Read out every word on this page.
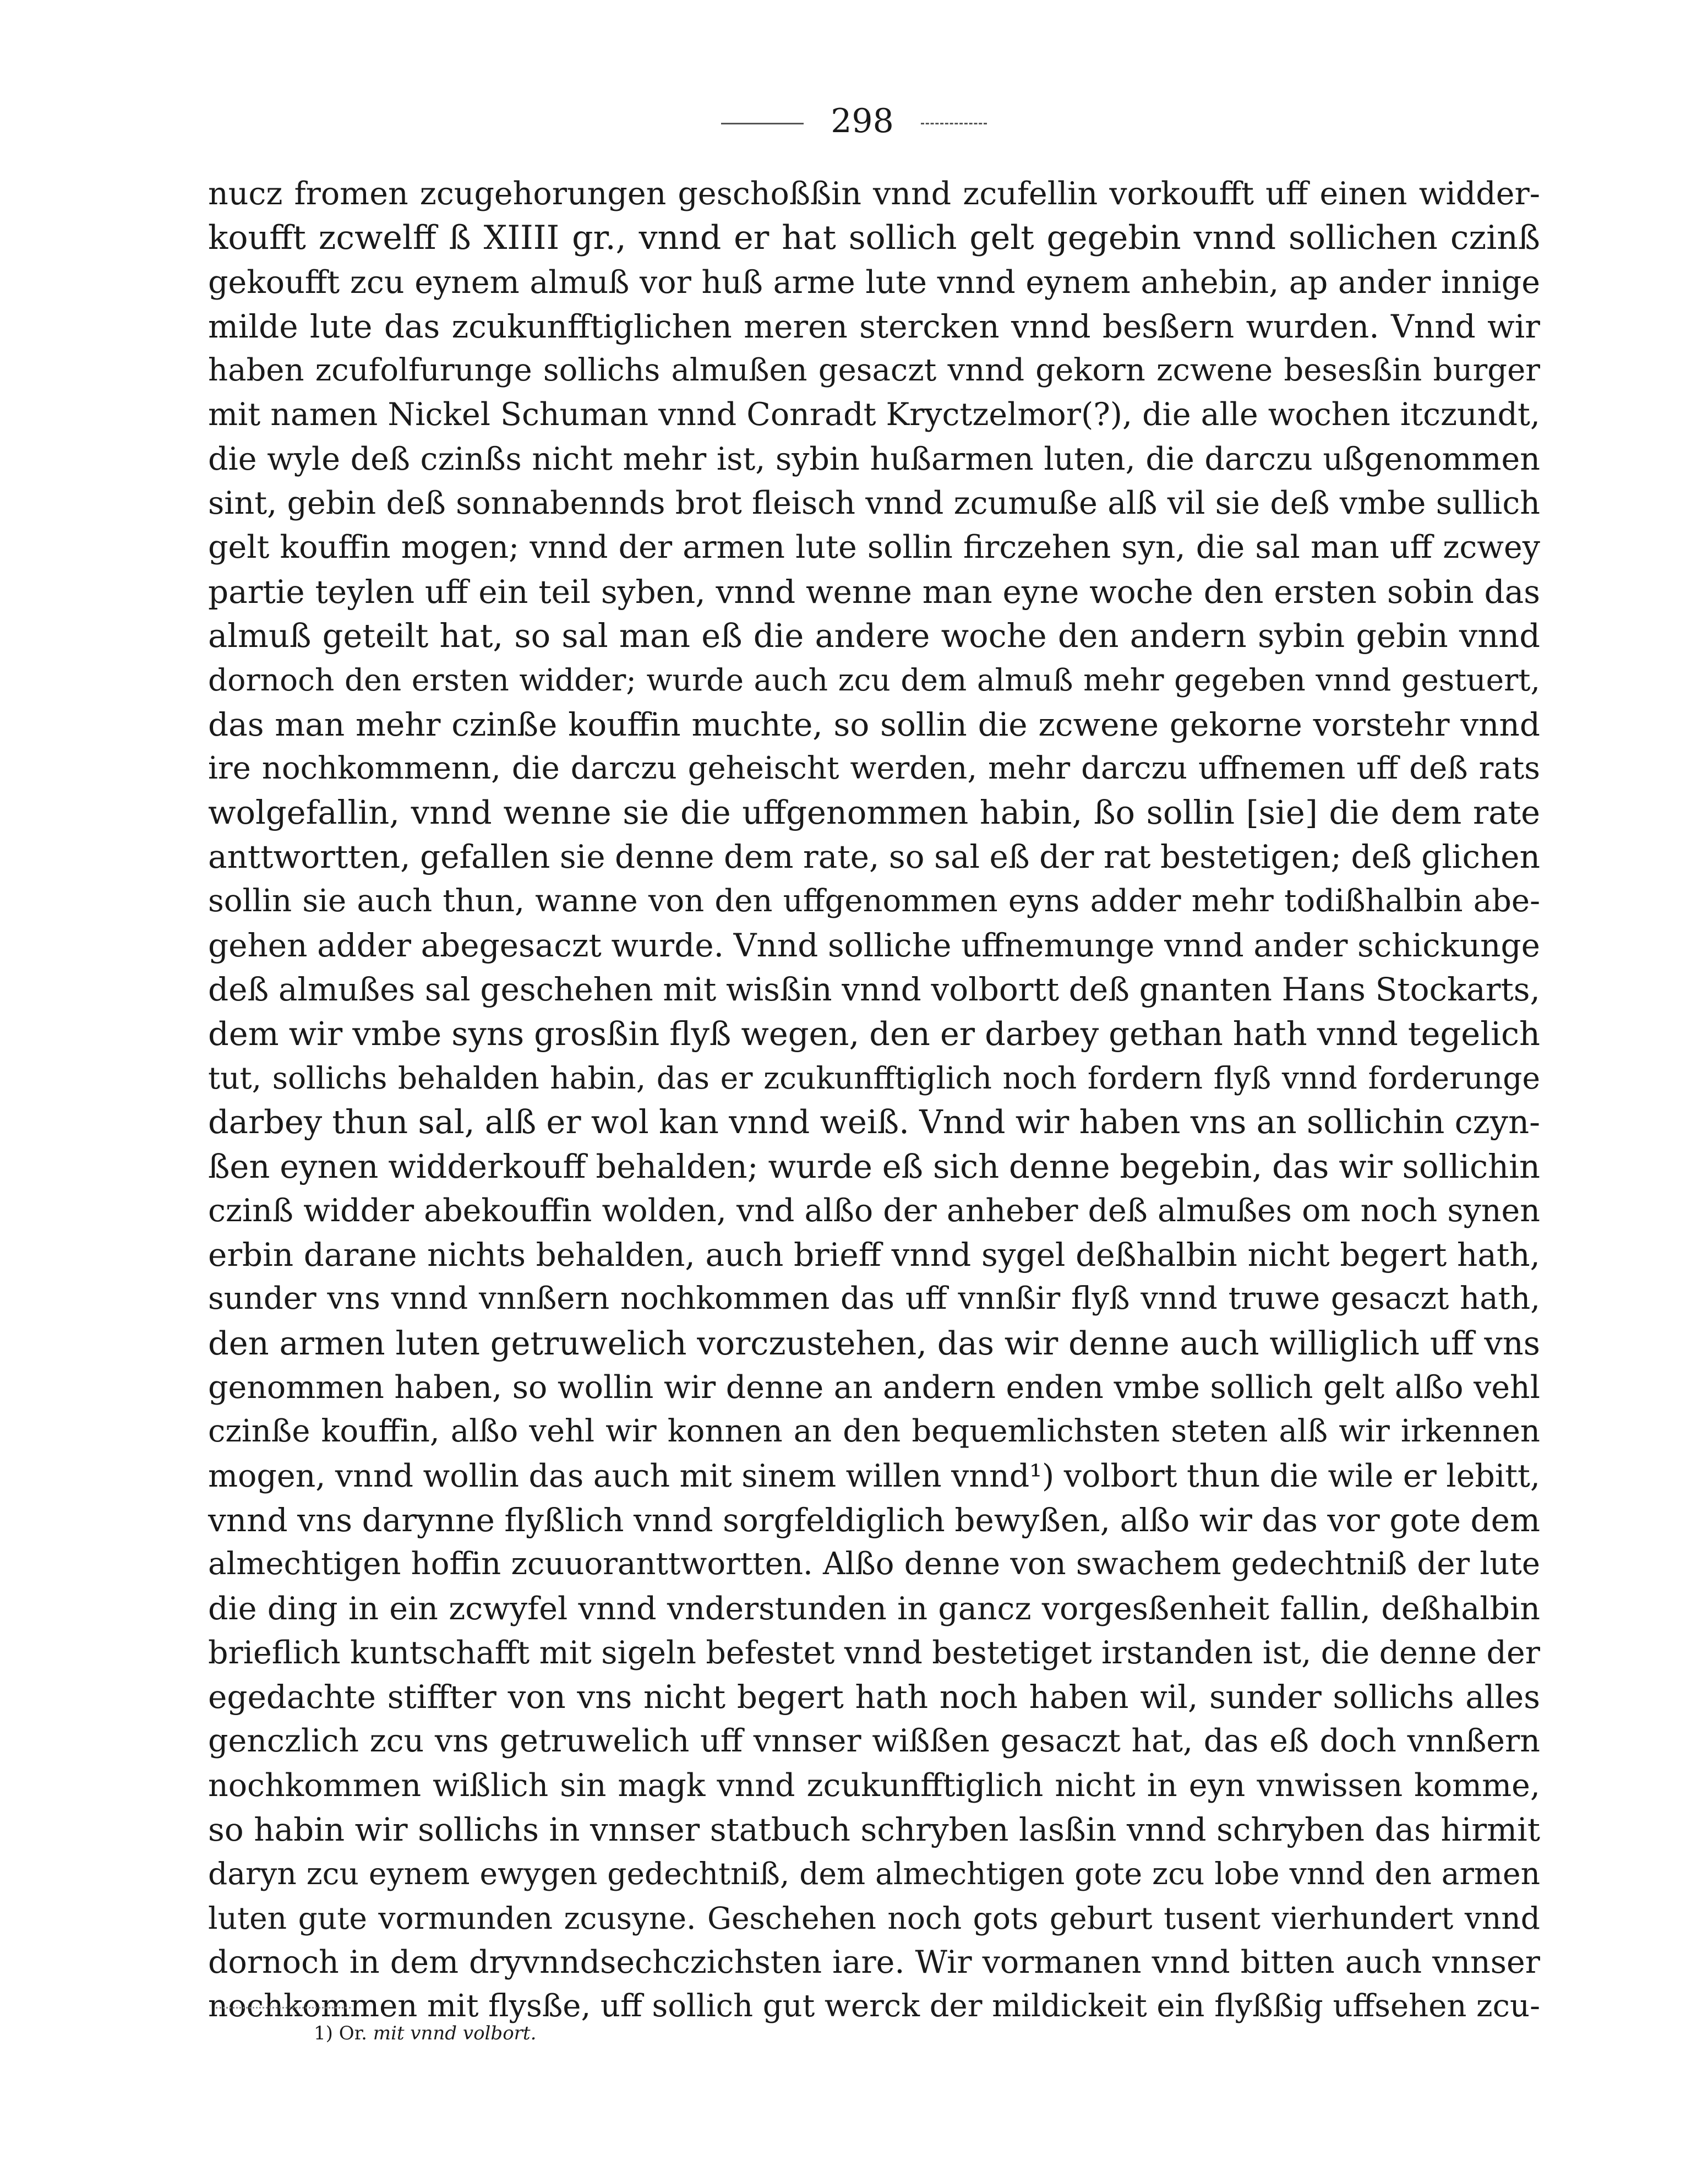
298
nucz fromen zcugehorungen geschoßßin vnnd zcufellin vorkoufft uff einen widder-
koufft zcwelff ß XIIII gr., vnnd er hat sollich gelt gegebin vnnd sollichen czinß
gekoufft zcu eynem almuß vor huß arme lute vnnd eynem anhebin, ap ander innige
milde lute das zcukunfftiglichen meren stercken vnnd besßern wurden. Vnnd wir
haben zcufolfurunge sollichs almußen gesaczt vnnd gekorn zcwene besesßin burger
mit namen Nickel Schuman vnnd Conradt Kryctzelmor(?), die alle wochen itczundt,
die wyle deß czinßs nicht mehr ist, sybin hußarmen luten, die darczu ußgenommen
sint, gebin deß sonnabennds brot fleisch vnnd zcumuße alß vil sie deß vmbe sullich
gelt kouffin mogen; vnnd der armen lute sollin firczehen syn, die sal man uff zcwey
partie teylen uff ein teil syben, vnnd wenne man eyne woche den ersten sobin das
almuß geteilt hat, so sal man eß die andere woche den andern sybin gebin vnnd
dornoch den ersten widder; wurde auch zcu dem almuß mehr gegeben vnnd gestuert,
das man mehr czinße kouffin muchte, so sollin die zcwene gekorne vorstehr vnnd
ire nochkommenn, die darczu geheischt werden, mehr darczu uffnemen uff deß rats
wolgefallin, vnnd wenne sie die uffgenommen habin, ßo sollin [sie] die dem rate
anttwortten, gefallen sie denne dem rate, so sal eß der rat bestetigen; deß glichen
sollin sie auch thun, wanne von den uffgenommen eyns adder mehr todißhalbin abe-
gehen adder abegesaczt wurde. Vnnd solliche uffnemunge vnnd ander schickunge
deß almußes sal geschehen mit wisßin vnnd volbortt deß gnanten Hans Stockarts,
dem wir vmbe syns grosßin flyß wegen, den er darbey gethan hath vnnd tegelich
tut, sollichs behalden habin, das er zcukunfftiglich noch fordern flyß vnnd forderunge
darbey thun sal, alß er wol kan vnnd weiß. Vnnd wir haben vns an sollichin czyn-
ßen eynen widderkouff behalden; wurde eß sich denne begebin, das wir sollichin
czinß widder abekouffin wolden, vnd alßo der anheber deß almußes om noch synen
erbin darane nichts behalden, auch brieff vnnd sygel deßhalbin nicht begert hath,
sunder vns vnnd vnnßern nochkommen das uff vnnßir flyß vnnd truwe gesaczt hath,
den armen luten getruwelich vorczustehen, das wir denne auch williglich uff vns
genommen haben, so wollin wir denne an andern enden vmbe sollich gelt alßo vehl
czinße kouffin, alßo vehl wir konnen an den bequemlichsten steten alß wir irkennen
mogen, vnnd wollin das auch mit sinem willen vnnd¹) volbort thun die wile er lebitt,
vnnd vns darynne flyßlich vnnd sorgfeldiglich bewyßen, alßo wir das vor gote dem
almechtigen hoffin zcuuoranttwortten. Alßo denne von swachem gedechtniß der lute
die ding in ein zcwyfel vnnd vnderstunden in gancz vorgesßenheit fallin, deßhalbin
brieflich kuntschafft mit sigeln befestet vnnd bestetiget irstanden ist, die denne der
egedachte stiffter von vns nicht begert hath noch haben wil, sunder sollichs alles
genczlich zcu vns getruwelich uff vnnser wißßen gesaczt hat, das eß doch vnnßern
nochkommen wißlich sin magk vnnd zcukunfftiglich nicht in eyn vnwissen komme,
so habin wir sollichs in vnnser statbuch schryben lasßin vnnd schryben das hirmit
daryn zcu eynem ewygen gedechtniß, dem almechtigen gote zcu lobe vnnd den armen
luten gute vormunden zcusyne. Geschehen noch gots geburt tusent vierhundert vnnd
dornoch in dem dryvnndsechczichsten iare. Wir vormanen vnnd bitten auch vnnser
nochkommen mit flysße, uff sollich gut werck der mildickeit ein flyßßig uffsehen zcu-
1) Or. mit vnnd volbort.
